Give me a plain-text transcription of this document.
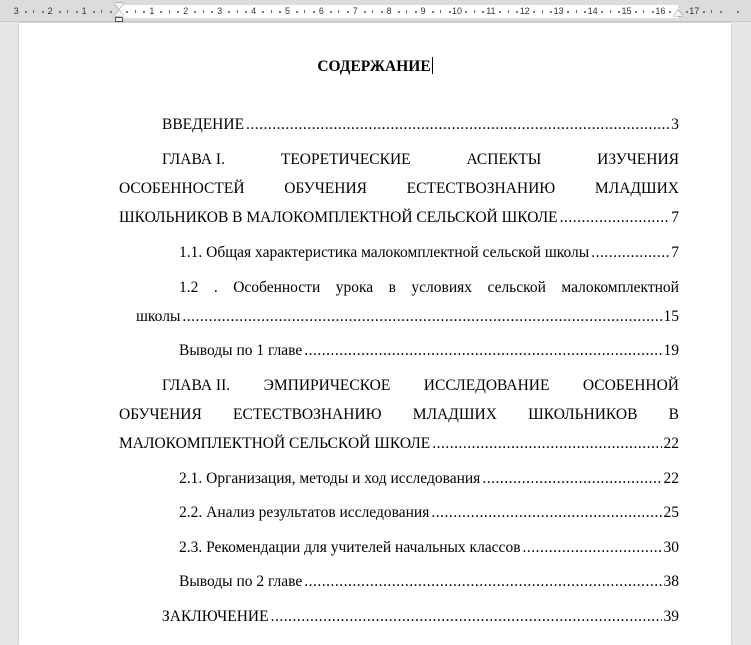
3	2	1	1	2	3	4	5	6	7	8	9	10	11	12	13	14	15	16	17
СОДЕРЖАНИЕ
ВВЕДЕНИЕ .....	3
ГЛАВА I.	ТЕОРЕТИЧЕСКИЕ	АСПЕКТЫ	ИЗУЧЕНИЯ
ОСОБЕННОСТЕЙ	ОБУЧЕНИЯ	ЕСТЕСТВОЗНАНИЮ	МЛАДШИХ
ШКОЛЬНИКОВ В МАЛОКОМПЛЕКТНОЙ СЕЛЬСКОЙ ШКОЛЕ .....	7
1.1. Общая характеристика малокомплектной сельской школы .....	7
1.2 . Особенности урока в условиях сельской малокомплектной
школы .....	15
Выводы по 1 главе .....	19
ГЛАВА II. ЭМПИРИЧЕСКОЕ ИССЛЕДОВАНИЕ ОСОБЕННОЙ
ОБУЧЕНИЯ ЕСТЕСТВОЗНАНИЮ МЛАДШИХ ШКОЛЬНИКОВ В
МАЛОКОМПЛЕКТНОЙ СЕЛЬСКОЙ ШКОЛЕ .....	22
2.1. Организация, методы и ход исследования .....	22
2.2. Анализ результатов исследования .....	25
2.3. Рекомендации для учителей начальных классов .....	30
Выводы по 2 главе .....	38
ЗАКЛЮЧЕНИЕ .....	39
